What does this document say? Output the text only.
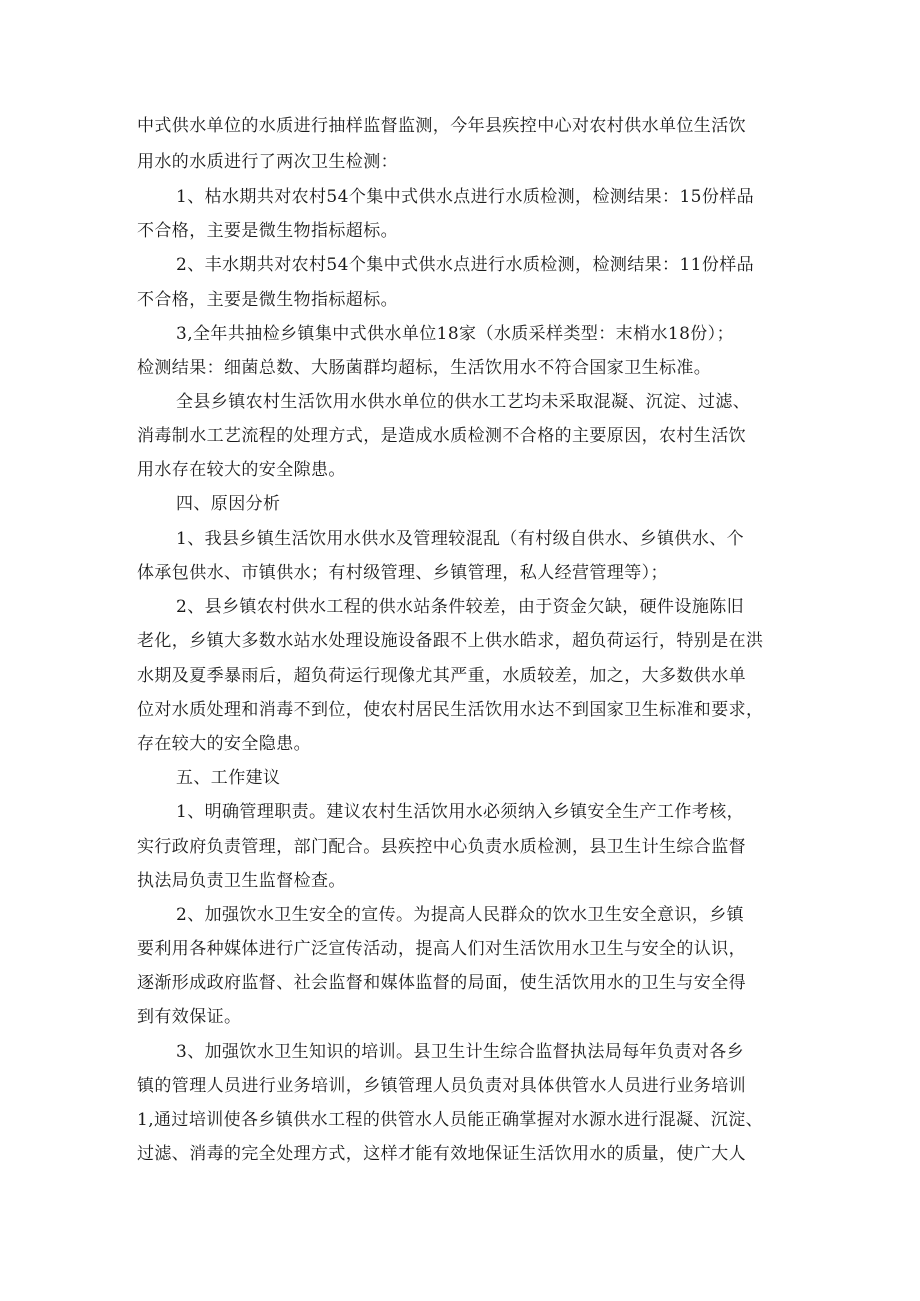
中式供水单位的水质进行抽样监督监测，今年县疾控中心对农村供水单位生活饮
用水的水质进行了两次卫生检测：
1、枯水期共对农村54个集中式供水点进行水质检测，检测结果：15份样品
不合格，主要是微生物指标超标。
2、丰水期共对农村54个集中式供水点进行水质检测，检测结果：11份样品
不合格，主要是微生物指标超标。
3,全年共抽检乡镇集中式供水单位18家（水质采样类型：末梢水18份）；
检测结果：细菌总数、大肠菌群均超标，生活饮用水不符合国家卫生标准。
全县乡镇农村生活饮用水供水单位的供水工艺均未采取混凝、沉淀、过滤、
消毒制水工艺流程的处理方式，是造成水质检测不合格的主要原因，农村生活饮
用水存在较大的安全隙患。
四、原因分析
1、我县乡镇生活饮用水供水及管理较混乱（有村级自供水、乡镇供水、个
体承包供水、市镇供水；有村级管理、乡镇管理，私人经营管理等）；
2、县乡镇农村供水工程的供水站条件较差，由于资金欠缺，硬件设施陈旧
老化，乡镇大多数水站水处理设施设备跟不上供水皓求，超负荷运行，特别是在洪
水期及夏季暴雨后，超负荷运行现像尤其严重，水质较差，加之，大多数供水单
位对水质处理和消毒不到位，使农村居民生活饮用水达不到国家卫生标准和要求，
存在较大的安全隐患。
五、工作建议
1、明确管理职责。建议农村生活饮用水必须纳入乡镇安全生产工作考核，
实行政府负责管理，部门配合。县疾控中心负责水质检测，县卫生计生综合监督
执法局负责卫生监督检查。
2、加强饮水卫生安全的宣传。为提高人民群众的饮水卫生安全意识，乡镇
要利用各种媒体进行广泛宣传活动，提高人们对生活饮用水卫生与安全的认识，
逐渐形成政府监督、社会监督和媒体监督的局面，使生活饮用水的卫生与安全得
到有效保证。
3、加强饮水卫生知识的培训。县卫生计生综合监督执法局每年负责对各乡
镇的管理人员进行业务培训，乡镇管理人员负责对具体供管水人员进行业务培训
1,通过培训使各乡镇供水工程的供管水人员能正确掌握对水源水进行混凝、沉淀、
过滤、消毒的完全处理方式，这样才能有效地保证生活饮用水的质量，使广大人
